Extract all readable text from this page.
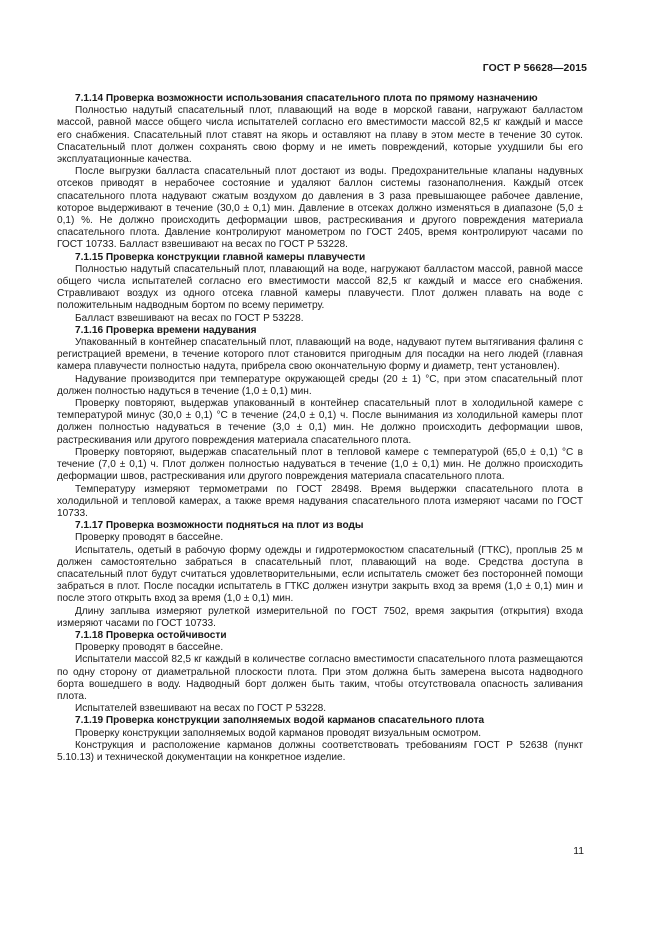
ГОСТ Р 56628—2015

7.1.14 Проверка возможности использования спасательного плота по прямому назначению

Полностью надутый спасательный плот, плавающий на воде в морской гавани, нагружают балластом массой, равной массе общего числа испытателей согласно его вместимости массой 82,5 кг каждый и массе его снабжения. Спасательный плот ставят на якорь и оставляют на плаву в этом месте в течение 30 суток. Спасательный плот должен сохранять свою форму и не иметь повреждений, которые ухудшили бы его эксплуатационные качества.

После выгрузки балласта спасательный плот достают из воды. Предохранительные клапаны надувных отсеков приводят в нерабочее состояние и удаляют баллон системы газонаполнения. Каждый отсек спасательного плота надувают сжатым воздухом до давления в 3 раза превышающее рабочее давление, которое выдерживают в течение (30,0 ± 0,1) мин. Давление в отсеках должно изменяться в диапазоне (5,0 ± 0,1) %. Не должно происходить деформации швов, растрескивания и другого повреждения материала спасательного плота. Давление контролируют манометром по ГОСТ 2405, время контролируют часами по ГОСТ 10733. Балласт взвешивают на весах по ГОСТ Р 53228.

7.1.15 Проверка конструкции главной камеры плавучести

Полностью надутый спасательный плот, плавающий на воде, нагружают балластом массой, равной массе общего числа испытателей согласно его вместимости массой 82,5 кг каждый и массе его снабжения. Стравливают воздух из одного отсека главной камеры плавучести. Плот должен плавать на воде с положительным надводным бортом по всему периметру.

Балласт взвешивают на весах по ГОСТ Р 53228.

7.1.16 Проверка времени надувания

Упакованный в контейнер спасательный плот, плавающий на воде, надувают путем вытягивания фалиня с регистрацией времени, в течение которого плот становится пригодным для посадки на него людей (главная камера плавучести полностью надута, прибрела свою окончательную форму и диаметр, тент установлен).

Надувание производится при температуре окружающей среды (20 ± 1) °С, при этом спасательный плот должен полностью надуться в течение (1,0 ± 0,1) мин.

Проверку повторяют, выдержав упакованный в контейнер спасательный плот в холодильной камере с температурой минус (30,0 ± 0,1) °С в течение (24,0 ± 0,1) ч. После вынимания из холодильной камеры плот должен полностью надуваться в течение (3,0 ± 0,1) мин. Не должно происходить деформации швов, растрескивания или другого повреждения материала спасательного плота.

Проверку повторяют, выдержав спасательный плот в тепловой камере с температурой (65,0 ± 0,1) °С в течение (7,0 ± 0,1) ч. Плот должен полностью надуваться в течение (1,0 ± 0,1) мин. Не должно происходить деформации швов, растрескивания или другого повреждения материала спасательного плота.

Температуру измеряют термометрами по ГОСТ 28498. Время выдержки спасательного плота в холодильной и тепловой камерах, а также время надувания спасательного плота измеряют часами по ГОСТ 10733.

7.1.17 Проверка возможности подняться на плот из воды

Проверку проводят в бассейне.

Испытатель, одетый в рабочую форму одежды и гидротермокостюм спасательный (ГТКС), проплыв 25 м должен самостоятельно забраться в спасательный плот, плавающий на воде. Средства доступа в спасательный плот будут считаться удовлетворительными, если испытатель сможет без посторонней помощи забраться в плот. После посадки испытатель в ГТКС должен изнутри закрыть вход за время (1,0 ± 0,1) мин и после этого открыть вход за время (1,0 ± 0,1) мин.

Длину заплыва измеряют рулеткой измерительной по ГОСТ 7502, время закрытия (открытия) входа измеряют часами по ГОСТ 10733.

7.1.18 Проверка остойчивости

Проверку проводят в бассейне.

Испытатели массой 82,5 кг каждый в количестве согласно вместимости спасательного плота размещаются по одну сторону от диаметральной плоскости плота. При этом должна быть замерена высота надводного борта вошедшего в воду. Надводный борт должен быть таким, чтобы отсутствовала опасность заливания плота.

Испытателей взвешивают на весах по ГОСТ Р 53228.

7.1.19 Проверка конструкции заполняемых водой карманов спасательного плота

Проверку конструкции заполняемых водой карманов проводят визуальным осмотром.

Конструкция и расположение карманов должны соответствовать требованиям ГОСТ Р 52638 (пункт 5.10.13) и технической документации на конкретное изделие.

11
